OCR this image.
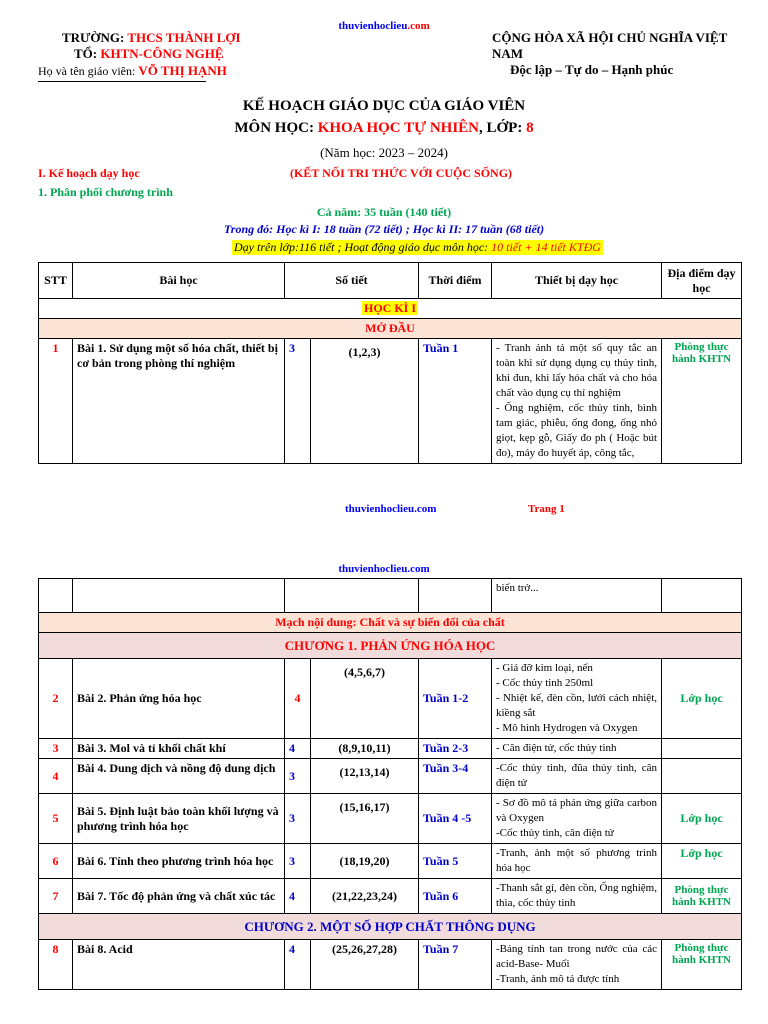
thuvienhoclieu.com
TRƯỜNG: THCS THÀNH LỢI
TỔ: KHTN-CÔNG NGHỆ
Họ và tên giáo viên: VÕ THỊ HẠNH
CỘNG HÒA XÃ HỘI CHỦ NGHĨA VIỆT NAM
Độc lập – Tự do – Hạnh phúc
KẾ HOẠCH GIÁO DỤC CỦA GIÁO VIÊN
MÔN HỌC: KHOA HỌC TỰ NHIÊN, LỚP: 8
(Năm học: 2023 – 2024)
I. Kế hoạch dạy học	(KẾT NỐI TRI THỨC VỚI CUỘC SỐNG)
1. Phân phối chương trình
Cả năm: 35 tuần (140 tiết)
Trong đó: Học kì I: 18 tuần (72 tiết) ; Học kì II: 17 tuần (68 tiết)
Dạy trên lớp:116 tiết ; Hoạt động giáo dục môn học: 10 tiết + 14 tiết KTĐG
STT	Bài học	Số tiết		Thời điểm	Thiết bị dạy học	Địa điểm dạy học
HỌC KÌ I						
MỞ ĐẦU						
1	Bài 1. Sử dụng một số hóa chất, thiết bị cơ bản trong phòng thí nghiệm	3	(1,2,3)	Tuần 1	- Tranh ảnh tả một số quy tắc an toàn khi sử dụng dụng cụ thủy tinh, khi đun, khi lấy hóa chất và cho hóa chất vào dụng cụ thí nghiệm
- Ống nghiệm, cốc thủy tinh, bình tam giác, phiễu, ống đong, ống nhỏ giọt, kẹp gỗ, Giấy đo ph ( Hoặc bút đo), máy đo huyết áp, công tắc,	Phòng thực hành KHTN
thuvienhoclieu.com	Trang 1
thuvienhoclieu.com
					biến trở...	
Mạch nội dung: Chất và sự biến đổi của chất						
CHƯƠNG 1. PHẢN ỨNG HÓA HỌC						
2	Bài 2. Phản ứng hóa học	4	(4,5,6,7)	Tuần 1-2	- Giá đỡ kim loại, nến
- Cốc thủy tinh 250ml
- Nhiệt kế, đèn cồn, lưới cách nhiệt, kiềng sắt
- Mô hình Hydrogen và Oxygen	Lớp học
3	Bài 3. Mol và tỉ khối chất khí	4	(8,9,10,11)	Tuần 2-3	- Cân điện tử, cốc thủy tinh	
4	Bài 4. Dung dịch và nồng độ dung dịch	3	(12,13,14)	Tuần 3-4	-Cốc thủy tinh, đũa thủy tinh, cân điện tử	
5	Bài 5. Định luật bảo toàn khối lượng và phương trình hóa học	3	(15,16,17)	Tuần 4 -5	- Sơ đồ mô tả phản ứng giữa carbon và Oxygen
-Cốc thủy tinh, cân điện tử	Lớp học
6	Bài 6. Tính theo phương trình hóa học	3	(18,19,20)	Tuần 5	-Tranh, ảnh một số phương trình hóa học	Lớp học
7	Bài 7. Tốc độ phản ứng và chất xúc tác	4	(21,22,23,24)	Tuần 6	-Thanh sắt gỉ, đèn cồn, Ống nghiệm, thìa, cốc thủy tinh	Phòng thực hành KHTN
CHƯƠNG 2. MỘT SỐ HỢP CHẤT THÔNG DỤNG						
8	Bài 8. Acid	4	(25,26,27,28)	Tuần 7	-Bảng tính tan trong nước của các acid-Base- Muối
-Tranh, ảnh mô tả được tính	Phòng thực hành KHTN
